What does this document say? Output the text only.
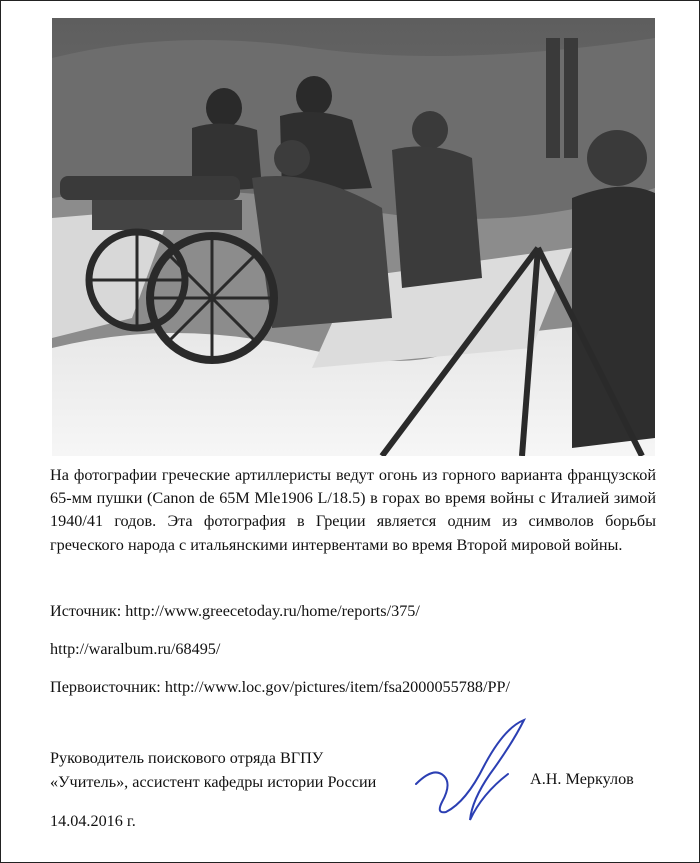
На фотографии греческие артиллеристы ведут огонь из горного варианта французской 65-мм пушки (Canon de 65M Mle1906 L/18.5) в горах во время войны с Италией зимой 1940/41 годов. Эта фотография в Греции является одним из символов борьбы греческого народа с итальянскими интервентами во время Второй мировой войны.

Источник: http://www.greecetoday.ru/home/reports/375/

http://waralbum.ru/68495/

Первоисточник: http://www.loc.gov/pictures/item/fsa2000055788/PP/

Руководитель поискового отряда ВГПУ
«Учитель», ассистент кафедры истории России	А.Н. Меркулов

14.04.2016 г.
